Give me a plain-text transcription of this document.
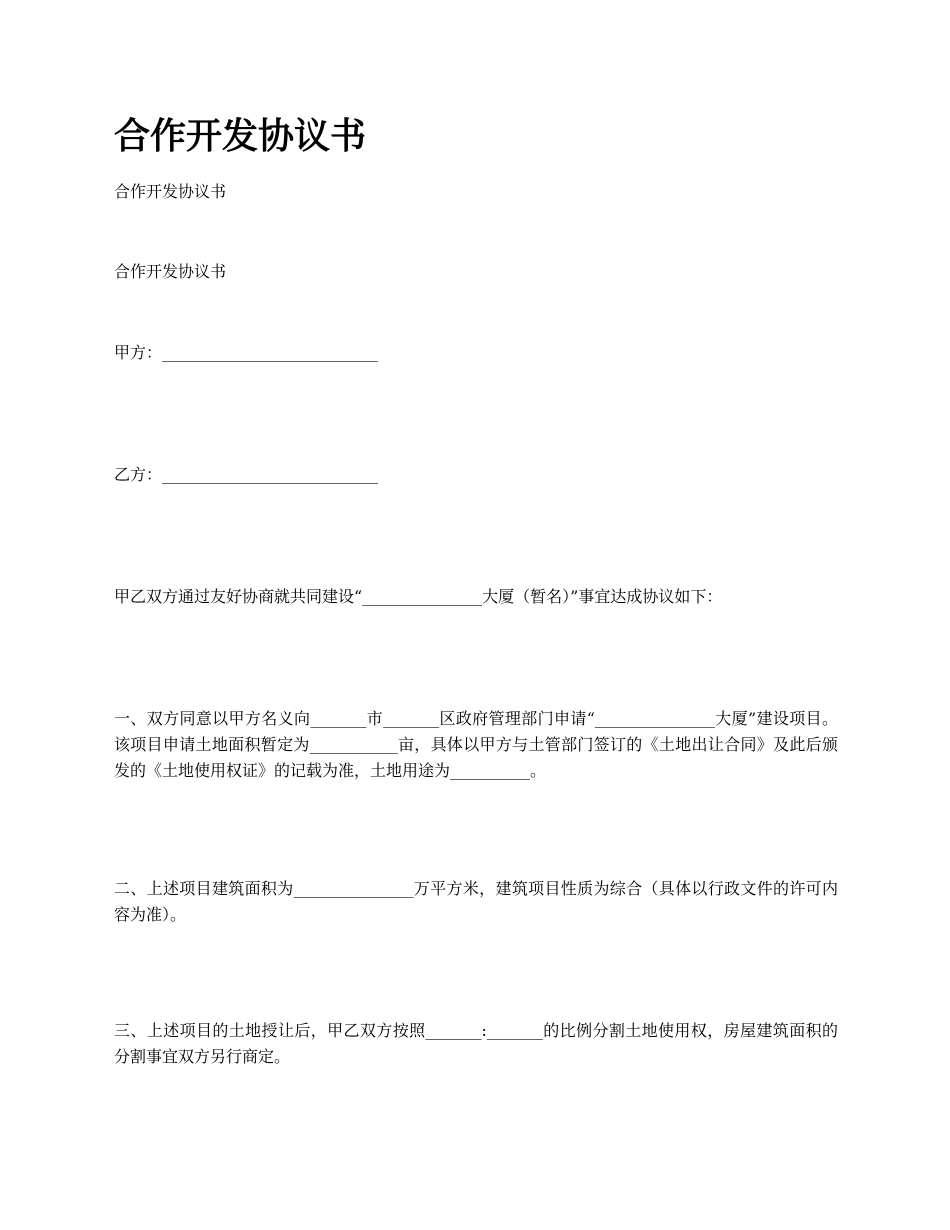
合作开发协议书
合作开发协议书
合作开发协议书
甲方：___________________________
乙方：___________________________
甲乙双方通过友好协商就共同建设“_______________大厦（暂名）”事宜达成协议如下：
一、双方同意以甲方名义向_______市_______区政府管理部门申请“_______________大厦”建设项目。该项目申请土地面积暂定为___________亩，具体以甲方与土管部门签订的《土地出让合同》及此后颁发的《土地使用权证》的记载为准，土地用途为__________。
二、上述项目建筑面积为_______________万平方米，建筑项目性质为综合（具体以行政文件的许可内容为准）。
三、上述项目的土地授让后，甲乙双方按照_______:_______的比例分割土地使用权，房屋建筑面积的分割事宜双方另行商定。
